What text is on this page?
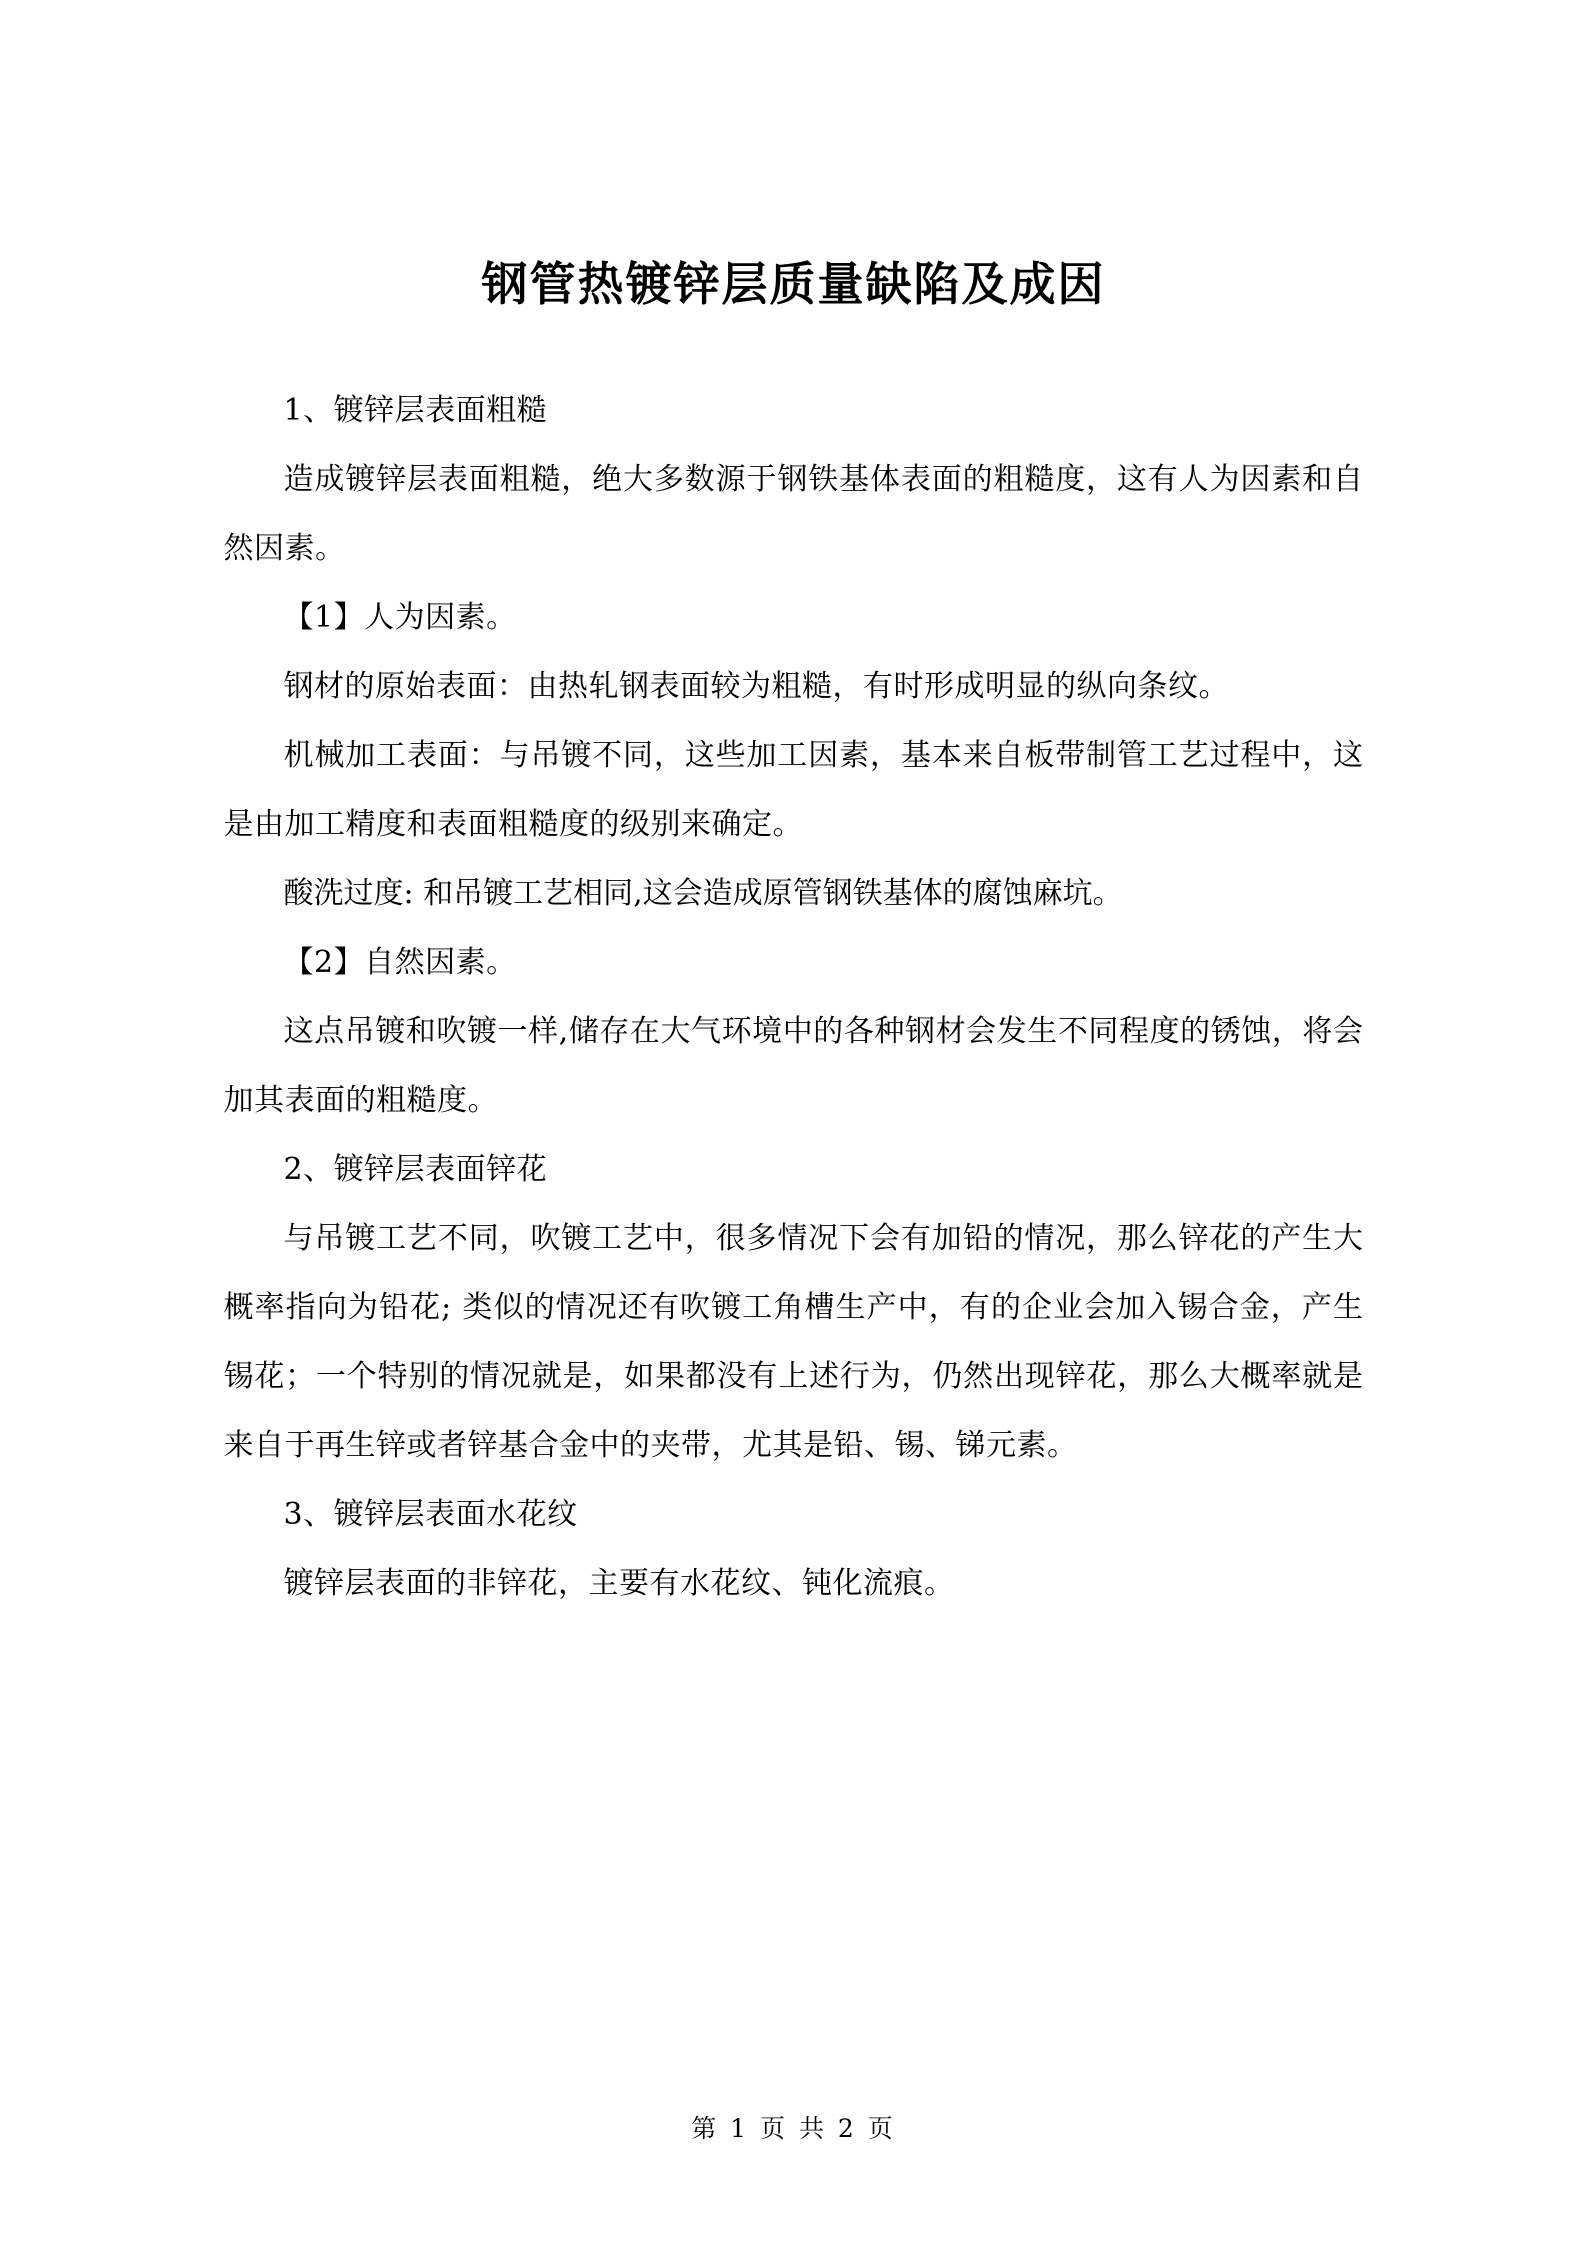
钢管热镀锌层质量缺陷及成因

1、镀锌层表面粗糙

造成镀锌层表面粗糙，绝大多数源于钢铁基体表面的粗糙度，这有人为因素和自然因素。

【1】人为因素。

钢材的原始表面：由热轧钢表面较为粗糙，有时形成明显的纵向条纹。

机械加工表面：与吊镀不同，这些加工因素，基本来自板带制管工艺过程中，这是由加工精度和表面粗糙度的级别来确定。

酸洗过度: 和吊镀工艺相同,这会造成原管钢铁基体的腐蚀麻坑。

【2】自然因素。

这点吊镀和吹镀一样,储存在大气环境中的各种钢材会发生不同程度的锈蚀，将会加其表面的粗糙度。

2、镀锌层表面锌花

与吊镀工艺不同，吹镀工艺中，很多情况下会有加铅的情况，那么锌花的产生大概率指向为铅花; 类似的情况还有吹镀工角槽生产中，有的企业会加入锡合金，产生锡花；一个特别的情况就是，如果都没有上述行为，仍然出现锌花，那么大概率就是来自于再生锌或者锌基合金中的夹带，尤其是铅、锡、锑元素。

3、镀锌层表面水花纹

镀锌层表面的非锌花，主要有水花纹、钝化流痕。

第 1 页 共 2 页
